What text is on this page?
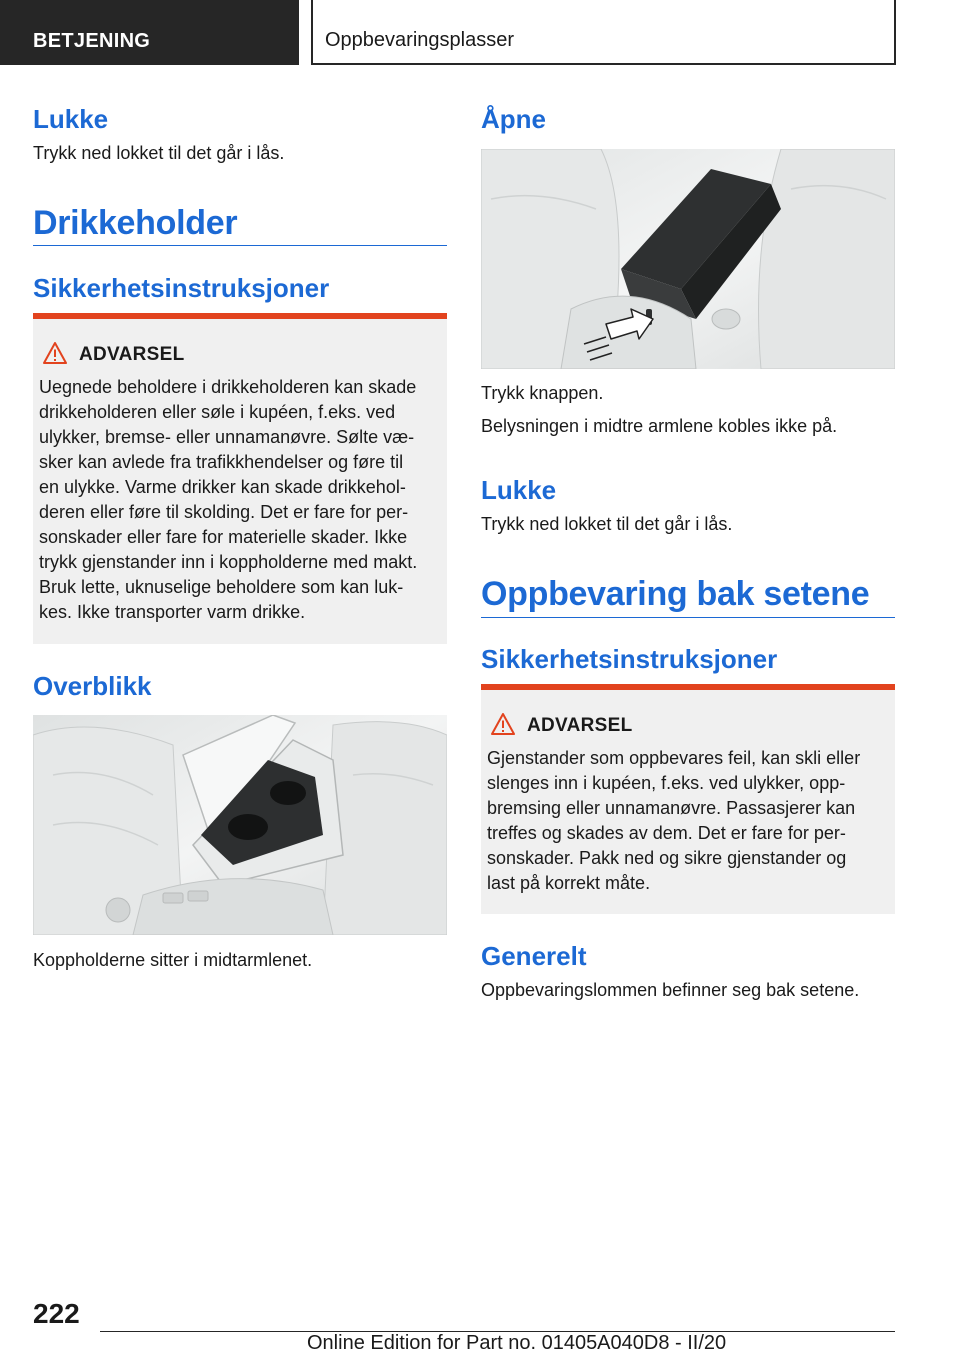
BETJENING	Oppbevaringsplasser
Lukke
Trykk ned lokket til det går i lås.
Drikkeholder
Sikkerhetsinstruksjoner
ADVARSEL
Uegnede beholdere i drikkeholderen kan skade
drikkeholderen eller søle i kupéen, f.eks. ved
ulykker, bremse- eller unnamanøvre. Sølte væ-
sker kan avlede fra trafikkhendelser og føre til
en ulykke. Varme drikker kan skade drikkehol-
deren eller føre til skolding. Det er fare for per-
sonskader eller fare for materielle skader. Ikke
trykk gjenstander inn i koppholderne med makt.
Bruk lette, uknuselige beholdere som kan luk-
kes. Ikke transporter varm drikke.
Overblikk
Koppholderne sitter i midtarmlenet.
Åpne
Trykk knappen.
Belysningen i midtre armlene kobles ikke på.
Lukke
Trykk ned lokket til det går i lås.
Oppbevaring bak setene
Sikkerhetsinstruksjoner
ADVARSEL
Gjenstander som oppbevares feil, kan skli eller
slenges inn i kupéen, f.eks. ved ulykker, opp-
bremsing eller unnamanøvre. Passasjerer kan
treffes og skades av dem. Det er fare for per-
sonskader. Pakk ned og sikre gjenstander og
last på korrekt måte.
Generelt
Oppbevaringslommen befinner seg bak setene.
222
Online Edition for Part no. 01405A040D8 - II/20
